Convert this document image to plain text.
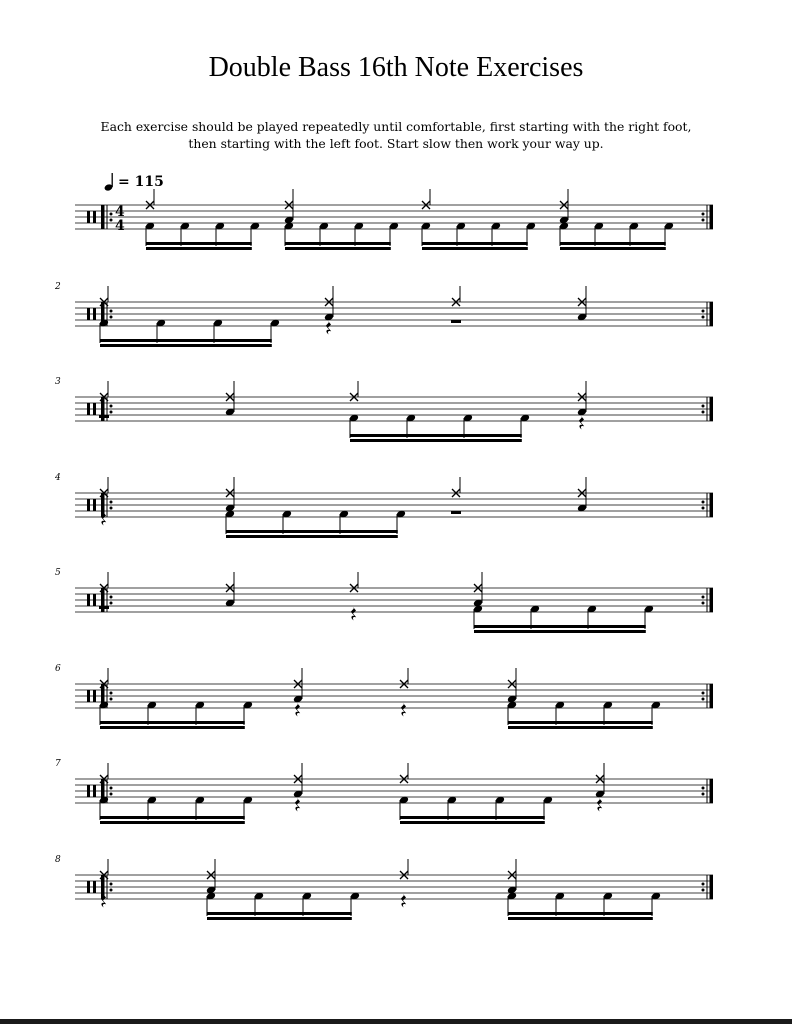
Double Bass 16th Note Exercises
Each exercise should be played repeatedly until comfortable, first starting with the right foot,
then starting with the left foot. Start slow then work your way up.
= 115
4
4
2
3
4
5
6
7
8
